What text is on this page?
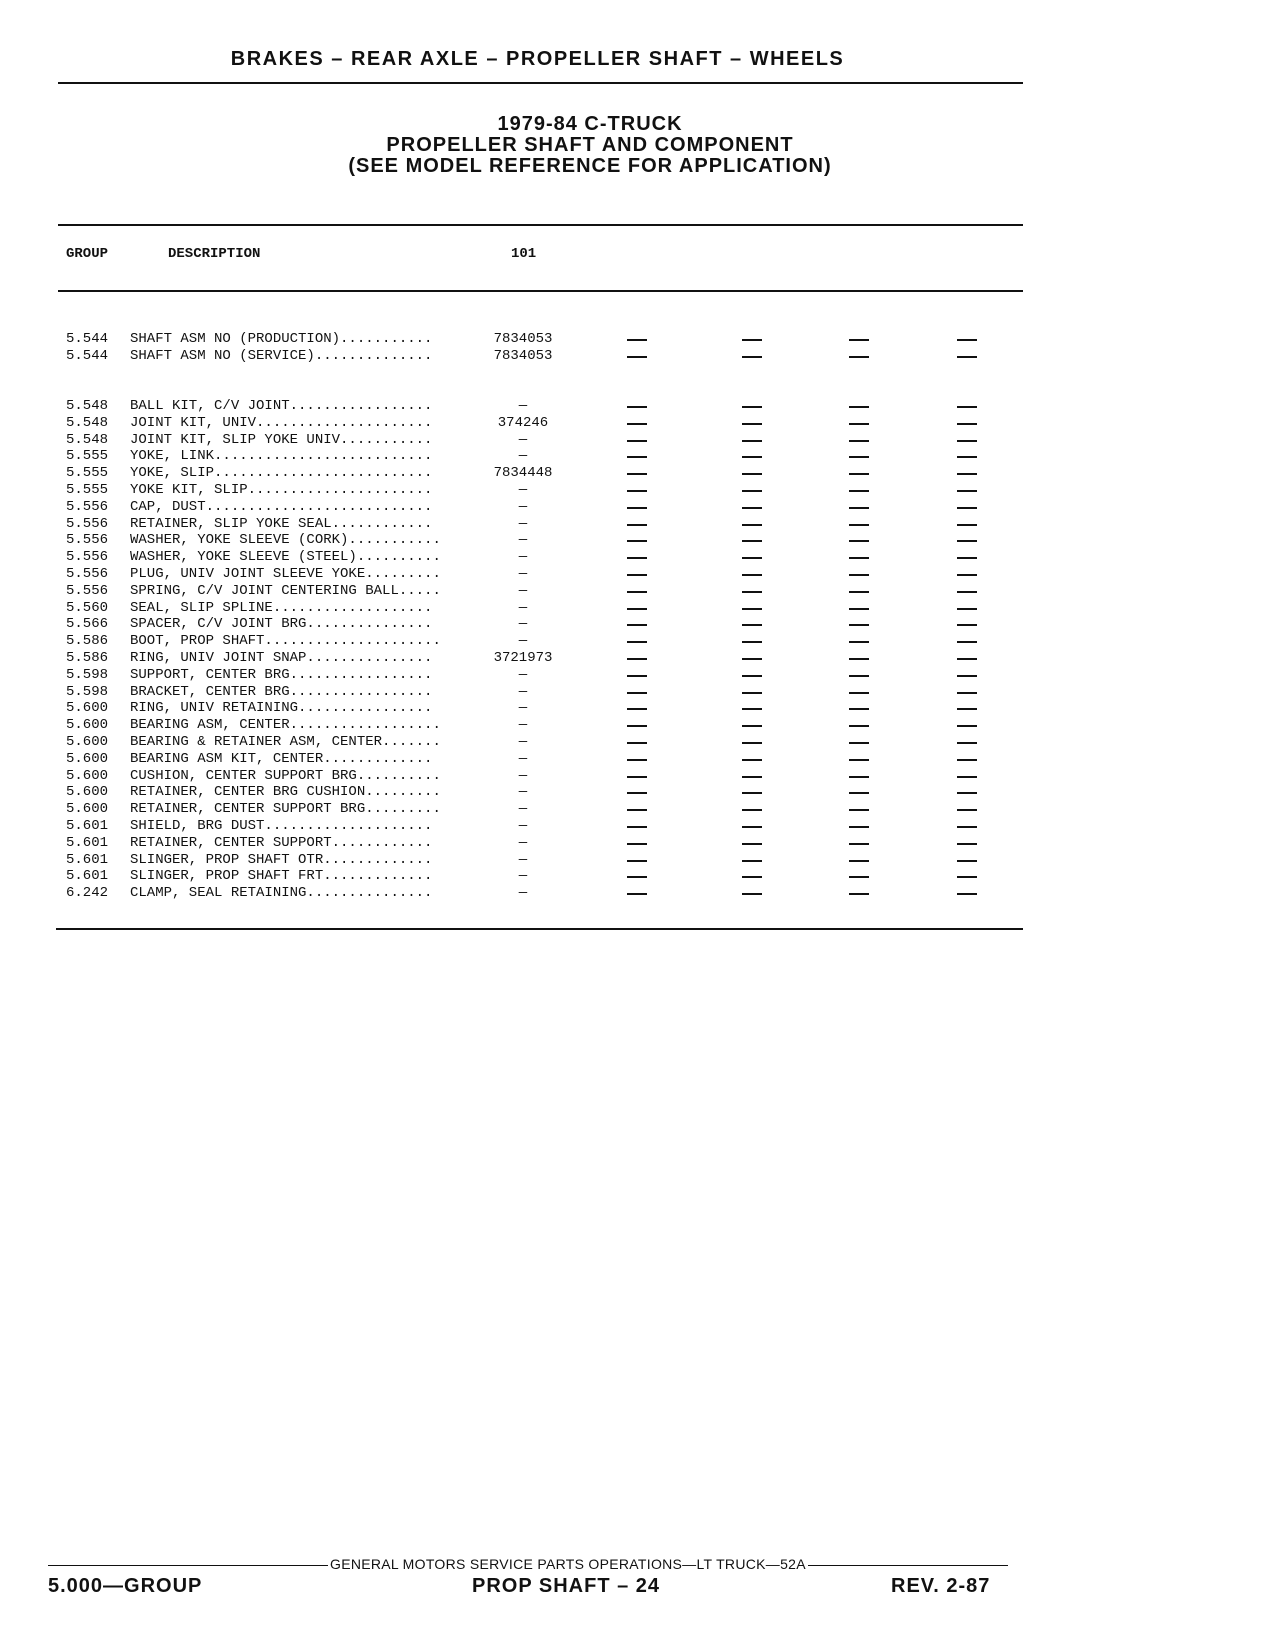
BRAKES – REAR AXLE – PROPELLER SHAFT – WHEELS
1979-84 C-TRUCK
PROPELLER SHAFT AND COMPONENT
(SEE MODEL REFERENCE FOR APPLICATION)
GROUP	DESCRIPTION	101
5.544 SHAFT ASM NO (PRODUCTION)...........	7834053
5.544 SHAFT ASM NO (SERVICE)..............	7834053
5.548 BALL KIT, C/V JOINT.................	—
5.548 JOINT KIT, UNIV.....................	374246
5.548 JOINT KIT, SLIP YOKE UNIV...........	—
5.555 YOKE, LINK..........................	—
5.555 YOKE, SLIP..........................	7834448
5.555 YOKE KIT, SLIP......................	—
5.556 CAP, DUST...........................	—
5.556 RETAINER, SLIP YOKE SEAL............	—
5.556 WASHER, YOKE SLEEVE (CORK)...........	—
5.556 WASHER, YOKE SLEEVE (STEEL)..........	—
5.556 PLUG, UNIV JOINT SLEEVE YOKE.........	—
5.556 SPRING, C/V JOINT CENTERING BALL.....	—
5.560 SEAL, SLIP SPLINE...................	—
5.566 SPACER, C/V JOINT BRG...............	—
5.586 BOOT, PROP SHAFT.....................	—
5.586 RING, UNIV JOINT SNAP...............	3721973
5.598 SUPPORT, CENTER BRG.................	—
5.598 BRACKET, CENTER BRG.................	—
5.600 RING, UNIV RETAINING................	—
5.600 BEARING ASM, CENTER..................	—
5.600 BEARING & RETAINER ASM, CENTER.......	—
5.600 BEARING ASM KIT, CENTER.............	—
5.600 CUSHION, CENTER SUPPORT BRG..........	—
5.600 RETAINER, CENTER BRG CUSHION.........	—
5.600 RETAINER, CENTER SUPPORT BRG.........	—
5.601 SHIELD, BRG DUST....................	—
5.601 RETAINER, CENTER SUPPORT............	—
5.601 SLINGER, PROP SHAFT OTR.............	—
5.601 SLINGER, PROP SHAFT FRT.............	—
6.242 CLAMP, SEAL RETAINING...............	—
GENERAL MOTORS SERVICE PARTS OPERATIONS—LT TRUCK—52A
5.000—GROUP	PROP SHAFT – 24	REV. 2-87
